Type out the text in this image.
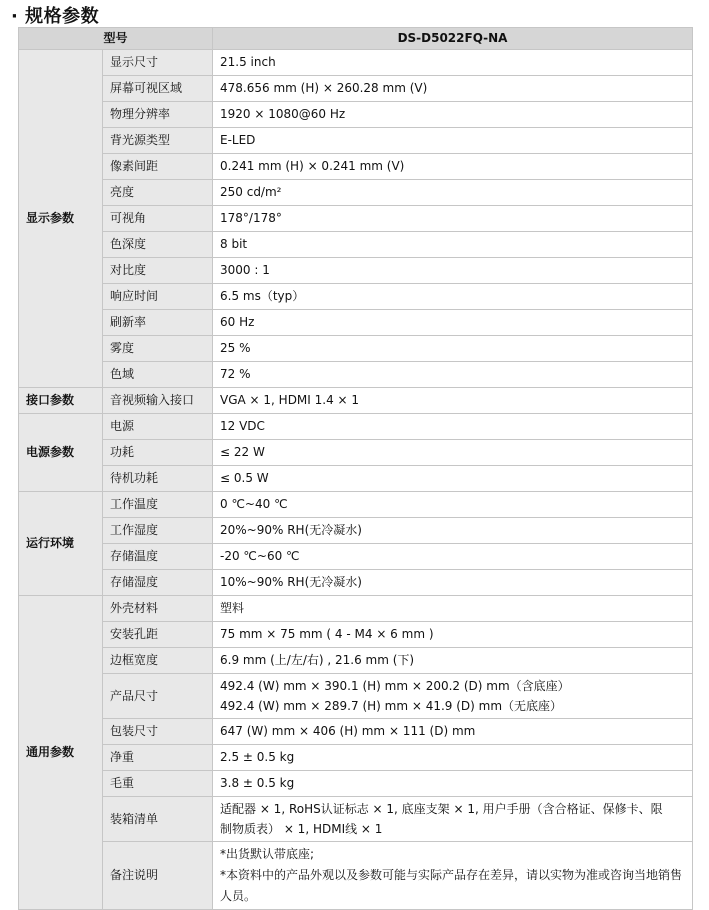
· 规格参数
型号		DS-D5022FQ-NA
显示参数	显示尺寸	21.5 inch

	屏幕可视区域	478.656 mm (H) × 260.28 mm (V)

	物理分辨率	1920 × 1080@60 Hz

	背光源类型	E-LED

	像素间距	0.241 mm (H) × 0.241 mm (V)

	亮度	250 cd/m²

	可视角	178°/178°

	色深度	8 bit

	对比度	3000 : 1

	响应时间	6.5 ms（typ）

	刷新率	60 Hz

	雾度	25 %

	色域	72 %

接口参数	音视频输入接口	VGA × 1, HDMI 1.4 × 1

电源参数	电源	12 VDC

	功耗	≤ 22 W

	待机功耗	≤ 0.5 W

运行环境	工作温度	0 ℃~40 ℃

	工作湿度	20%~90% RH(无冷凝水)

	存储温度	-20 ℃~60 ℃

	存储湿度	10%~90% RH(无冷凝水)

通用参数	外壳材料	塑料

	安装孔距	75 mm × 75 mm ( 4 - M4 × 6 mm )

	边框宽度	6.9 mm (上/左/右) , 21.6 mm (下)

	产品尺寸	492.4 (W) mm × 390.1 (H) mm × 200.2 (D) mm（含底座）
492.4 (W) mm × 289.7 (H) mm × 41.9 (D) mm（无底座）

	包装尺寸	647 (W) mm × 406 (H) mm × 111 (D) mm

	净重	2.5 ± 0.5 kg

	毛重	3.8 ± 0.5 kg

	装箱清单	适配器 × 1, RoHS认证标志 × 1, 底座支架 × 1, 用户手册（含合格证、保修卡、限
制物质表） × 1, HDMI线 × 1

	备注说明	*出货默认带底座;
*本资料中的产品外观以及参数可能与实际产品存在差异，请以实物为准或咨询当地销售
人员。
